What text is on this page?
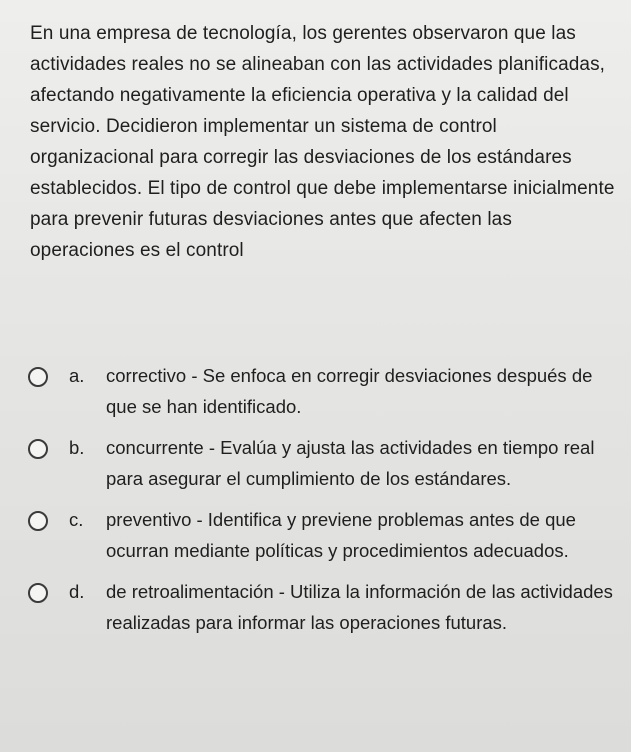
En una empresa de tecnología, los gerentes observaron que las actividades reales no se alineaban con las actividades planificadas, afectando negativamente la eficiencia operativa y la calidad del servicio. Decidieron implementar un sistema de control organizacional para corregir las desviaciones de los estándares establecidos. El tipo de control que debe implementarse inicialmente para prevenir futuras desviaciones antes que afecten las operaciones es el control
a.	correctivo - Se enfoca en corregir desviaciones después de que se han identificado.
b.	concurrente - Evalúa y ajusta las actividades en tiempo real para asegurar el cumplimiento de los estándares.
c.	preventivo - Identifica y previene problemas antes de que ocurran mediante políticas y procedimientos adecuados.
d.	de retroalimentación - Utiliza la información de las actividades realizadas para informar las operaciones futuras.
